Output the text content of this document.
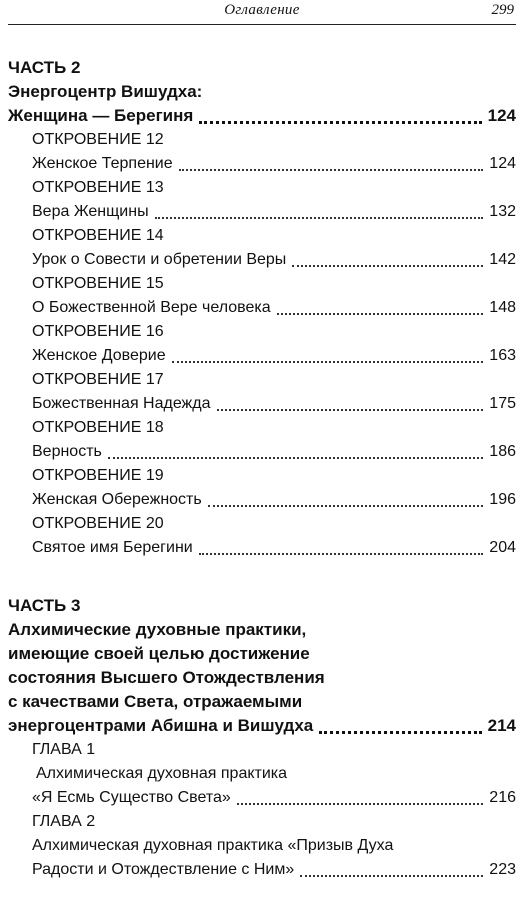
Оглавление	299
ЧАСТЬ 2
Энергоцентр Вишудха:
Женщина — Берегиня	124
ОТКРОВЕНИЕ 12
Женское Терпение	124
ОТКРОВЕНИЕ 13
Вера Женщины	132
ОТКРОВЕНИЕ 14
Урок о Совести и обретении Веры	142
ОТКРОВЕНИЕ 15
О Божественной Вере человека	148
ОТКРОВЕНИЕ 16
Женское Доверие	163
ОТКРОВЕНИЕ 17
Божественная Надежда	175
ОТКРОВЕНИЕ 18
Верность	186
ОТКРОВЕНИЕ 19
Женская Обережность	196
ОТКРОВЕНИЕ 20
Святое имя Берегини	204
ЧАСТЬ 3
Алхимические духовные практики,
имеющие своей целью достижение
состояния Высшего Отождествления
с качествами Света, отражаемыми
энергоцентрами Абишна и Вишудха	214
ГЛАВА 1
Алхимическая духовная практика
«Я Есмь Существо Света»	216
ГЛАВА 2
Алхимическая духовная практика «Призыв Духа
Радости и Отождествление с Ним»	223
